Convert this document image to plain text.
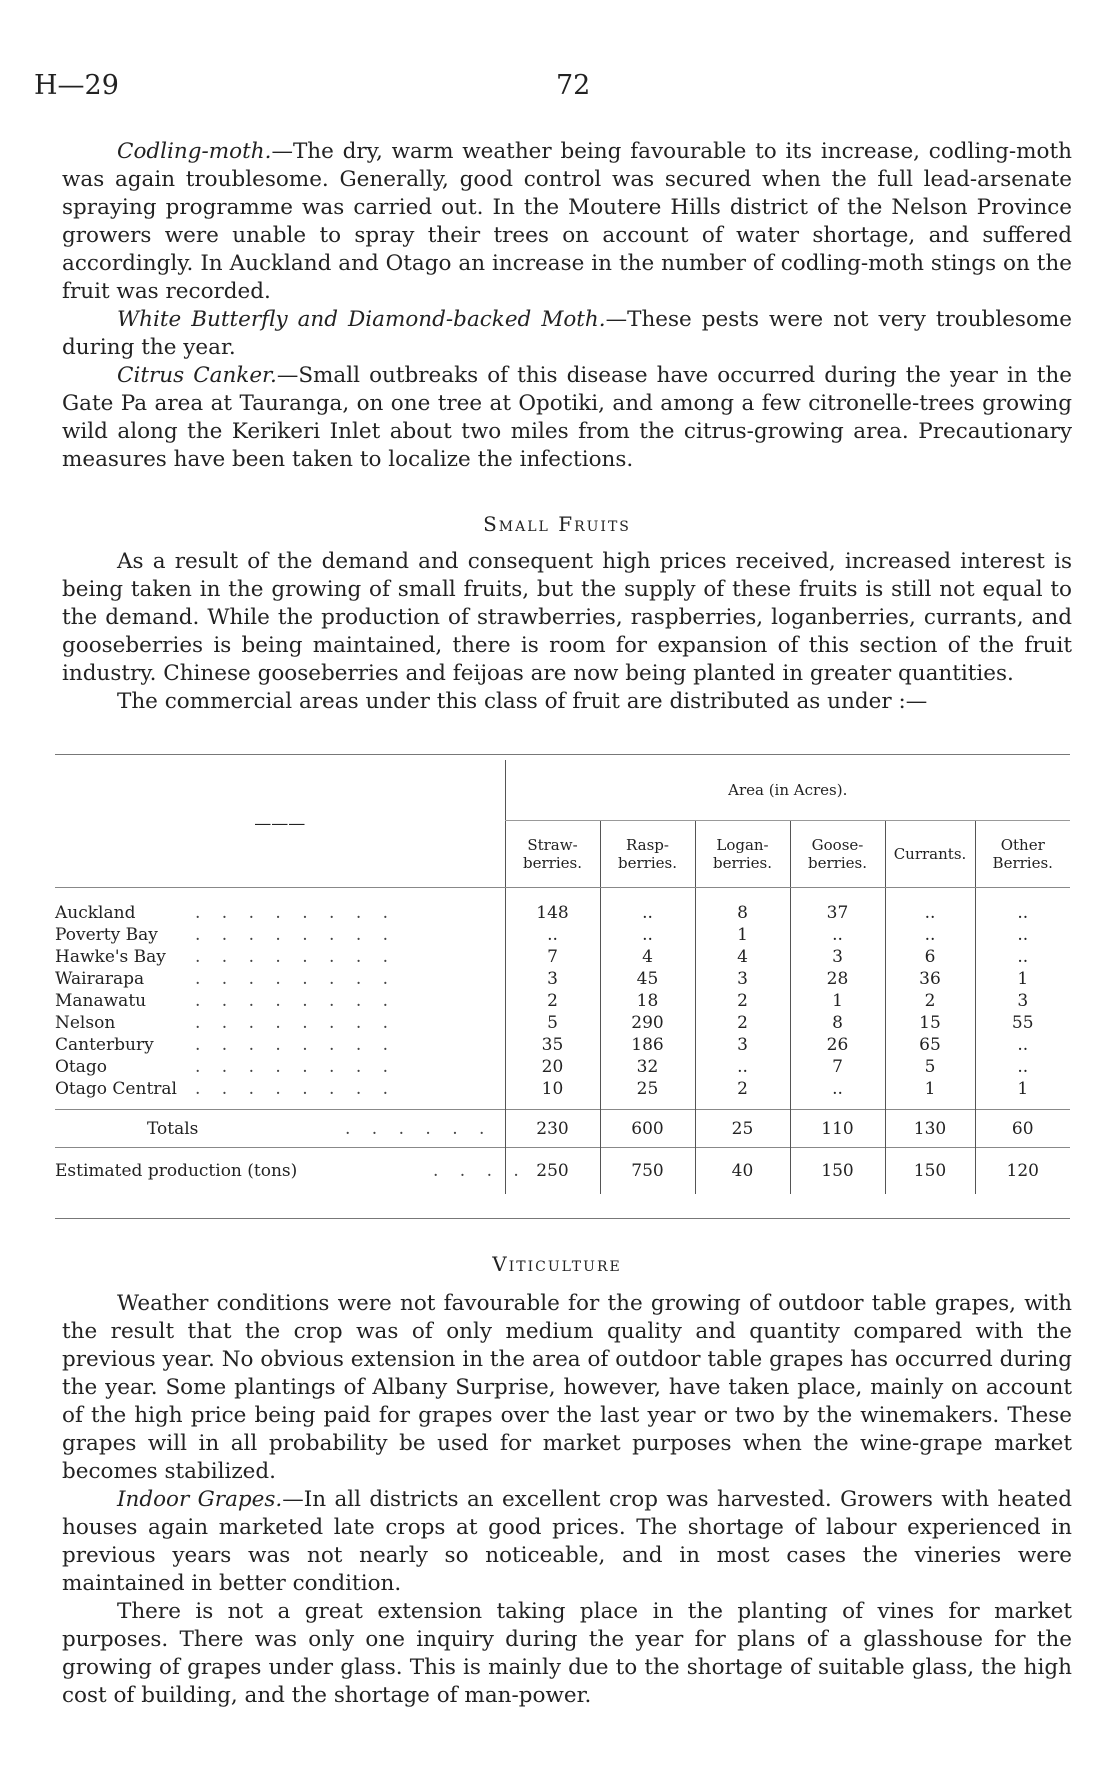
H—29	72

Codling-moth.—The dry, warm weather being favourable to its increase, codling-moth was again troublesome. Generally, good control was secured when the full lead-arsenate spraying programme was carried out. In the Moutere Hills district of the Nelson Province growers were unable to spray their trees on account of water shortage, and suffered accordingly. In Auckland and Otago an increase in the number of codling-moth stings on the fruit was recorded.

White Butterfly and Diamond-backed Moth.—These pests were not very troublesome during the year.

Citrus Canker.—Small outbreaks of this disease have occurred during the year in the Gate Pa area at Tauranga, on one tree at Opotiki, and among a few citronelle-trees growing wild along the Kerikeri Inlet about two miles from the citrus-growing area. Precautionary measures have been taken to localize the infections.

Small Fruits

As a result of the demand and consequent high prices received, increased interest is being taken in the growing of small fruits, but the supply of these fruits is still not equal to the demand. While the production of strawberries, raspberries, loganberries, currants, and gooseberries is being maintained, there is room for expansion of this section of the fruit industry. Chinese gooseberries and feijoas are now being planted in greater quantities.

The commercial areas under this class of fruit are distributed as under :—

———	Area (in Acres).					
	Straw- berries.	Rasp- berries.	Logan- berries.	Goose- berries.	Currants.	Other Berries.

Auckland . . . . . . . .	148	..	8	37	..	..
Poverty Bay . . . . . . . .	..	..	1	..	..	..
Hawke's Bay . . . . . . . .	7	4	4	3	6	..
Wairarapa . . . . . . . .	3	45	3	28	36	1
Manawatu . . . . . . . .	2	18	2	1	2	3
Nelson . . . . . . . .	5	290	2	8	15	55
Canterbury . . . . . . . .	35	186	3	26	65	..
Otago . . . . . . . .	20	32	..	7	5	..
Otago Central . . . . . . . .	10	25	2	..	1	1

Totals . . . . . .	230	600	25	110	130	60
Estimated production (tons) . . . .	250	750	40	150	150	120
Viticulture

Weather conditions were not favourable for the growing of outdoor table grapes, with the result that the crop was of only medium quality and quantity compared with the previous year. No obvious extension in the area of outdoor table grapes has occurred during the year. Some plantings of Albany Surprise, however, have taken place, mainly on account of the high price being paid for grapes over the last year or two by the winemakers. These grapes will in all probability be used for market purposes when the wine-grape market becomes stabilized.

Indoor Grapes.—In all districts an excellent crop was harvested. Growers with heated houses again marketed late crops at good prices. The shortage of labour experienced in previous years was not nearly so noticeable, and in most cases the vineries were maintained in better condition.

There is not a great extension taking place in the planting of vines for market purposes. There was only one inquiry during the year for plans of a glasshouse for the growing of grapes under glass. This is mainly due to the shortage of suitable glass, the high cost of building, and the shortage of man-power.
